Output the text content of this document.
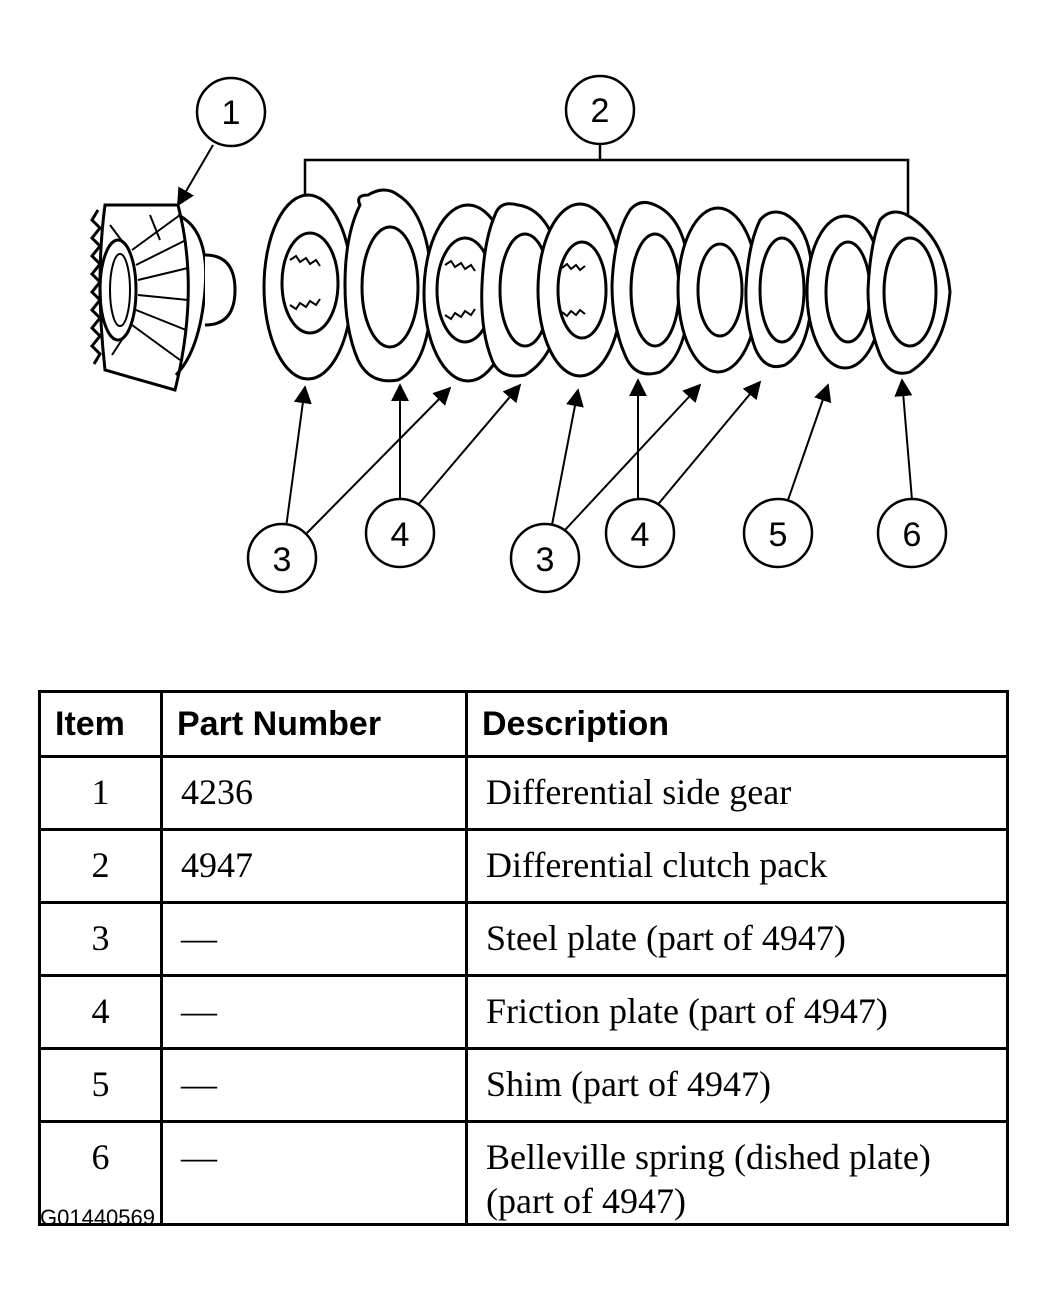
1	2
3
4
3
4	5	6
Item	Part Number	Description
1	4236	Differential side gear
2	4947	Differential clutch pack
3	—	Steel plate (part of 4947)
4	—	Friction plate (part of 4947)
5	—	Shim (part of 4947)
6	—	Belleville spring (dished plate) (part of 4947)
G01440569
